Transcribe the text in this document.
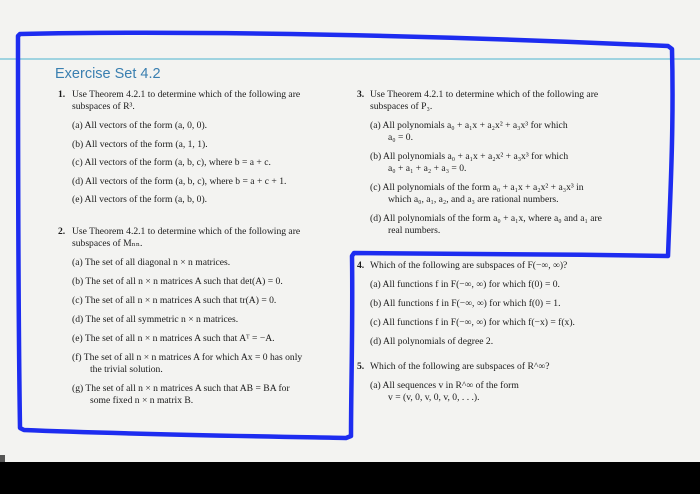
Exercise Set 4.2
1. Use Theorem 4.2.1 to determine which of the following are

subspaces of R³.

(a) All vectors of the form (a, 0, 0).

(b) All vectors of the form (a, 1, 1).

(c) All vectors of the form (a, b, c), where b = a + c.

(d) All vectors of the form (a, b, c), where b = a + c + 1.

(e) All vectors of the form (a, b, 0).

2. Use Theorem 4.2.1 to determine which of the following are

subspaces of Mₙₙ.

(a) The set of all diagonal n × n matrices.

(b) The set of all n × n matrices A such that det(A) = 0.

(c) The set of all n × n matrices A such that tr(A) = 0.

(d) The set of all symmetric n × n matrices.

(e) The set of all n × n matrices A such that Aᵀ = −A.

(f) The set of all n × n matrices A for which Ax = 0 has only

the trivial solution.

(g) The set of all n × n matrices A such that AB = BA for

some fixed n × n matrix B.

3. Use Theorem 4.2.1 to determine which of the following are

subspaces of P₃.

(a) All polynomials a₀ + a₁x + a₂x² + a₃x³ for which

a₀ = 0.

(b) All polynomials a₀ + a₁x + a₂x² + a₃x³ for which

a₀ + a₁ + a₂ + a₃ = 0.

(c) All polynomials of the form a₀ + a₁x + a₂x² + a₃x³ in

which a₀, a₁, a₂, and a₃ are rational numbers.

(d) All polynomials of the form a₀ + a₁x, where a₀ and a₁ are

real numbers.

4. Which of the following are subspaces of F(−∞, ∞)?

(a) All functions f in F(−∞, ∞) for which f(0) = 0.

(b) All functions f in F(−∞, ∞) for which f(0) = 1.

(c) All functions f in F(−∞, ∞) for which f(−x) = f(x).

(d) All polynomials of degree 2.

5. Which of the following are subspaces of R^∞?

(a) All sequences v in R^∞ of the form

v = (v, 0, v, 0, v, 0, . . .).
